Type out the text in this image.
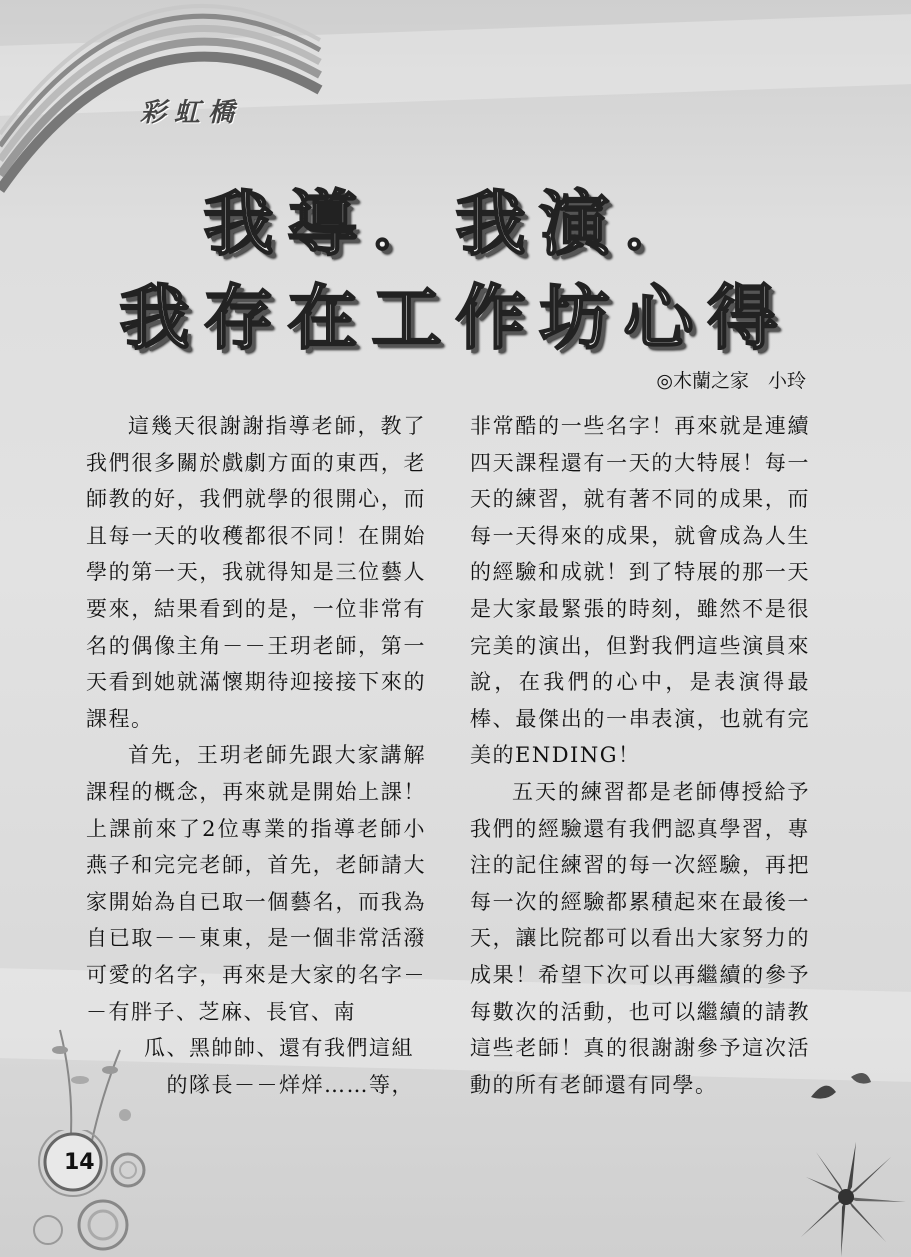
彩虹橋
我導．我演．
我存在工作坊心得
◎木蘭之家　小玲

這幾天很謝謝指導老師，教了我們很多關於戲劇方面的東西，老師教的好，我們就學的很開心，而且每一天的收穫都很不同！在開始學的第一天，我就得知是三位藝人要來，結果看到的是，一位非常有名的偶像主角－－王玥老師，第一天看到她就滿懷期待迎接接下來的課程。

首先，王玥老師先跟大家講解課程的概念，再來就是開始上課！上課前來了2位專業的指導老師小燕子和完完老師，首先，老師請大家開始為自已取一個藝名，而我為自已取－－東東，是一個非常活潑可愛的名字，再來是大家的名字－－有胖子、芝麻、長官、南

瓜、黑帥帥、還有我們這組
的隊長－－烊烊……等，

非常酷的一些名字！再來就是連續四天課程還有一天的大特展！每一天的練習，就有著不同的成果，而每一天得來的成果，就會成為人生的經驗和成就！到了特展的那一天是大家最緊張的時刻，雖然不是很完美的演出，但對我們這些演員來說，在我們的心中，是表演得最棒、最傑出的一串表演，也就有完美的ENDING！

五天的練習都是老師傳授給予我們的經驗還有我們認真學習，專注的記住練習的每一次經驗，再把每一次的經驗都累積起來在最後一天，讓比院都可以看出大家努力的成果！希望下次可以再繼續的參予每數次的活動，也可以繼續的請教這些老師！真的很謝謝參予這次活動的所有老師還有同學。

14
